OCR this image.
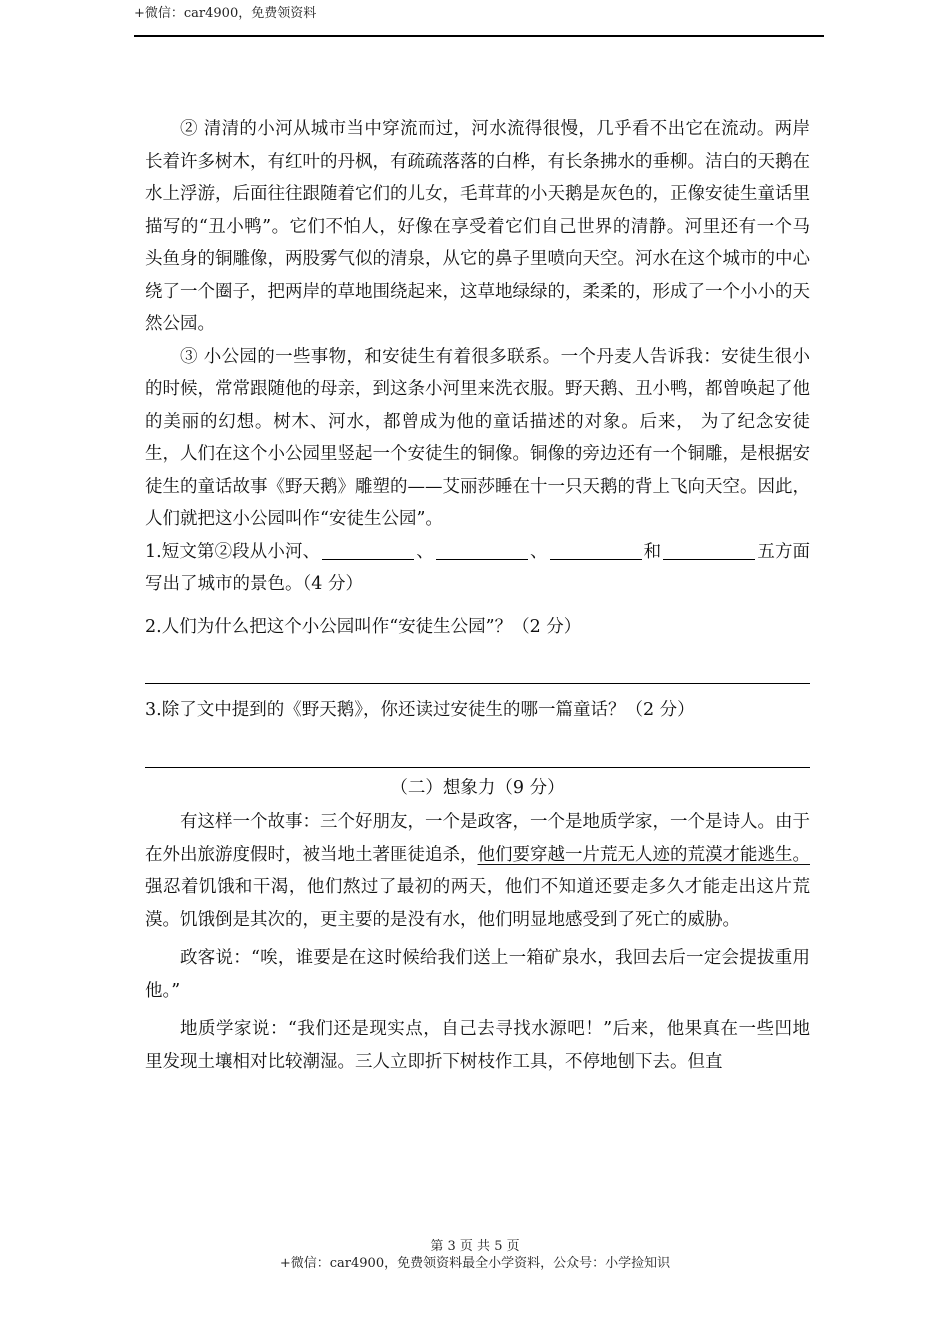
+微信：car4900，免费领资料

② 清清的小河从城市当中穿流而过，河水流得很慢，几乎看不出它在流动。两岸长着许多树木，有红叶的丹枫，有疏疏落落的白桦，有长条拂水的垂柳。洁白的天鹅在水上浮游，后面往往跟随着它们的儿女，毛茸茸的小天鹅是灰色的，正像安徒生童话里描写的“丑小鸭”。它们不怕人，好像在享受着它们自己世界的清静。河里还有一个马头鱼身的铜雕像，两股雾气似的清泉，从它的鼻子里喷向天空。河水在这个城市的中心绕了一个圈子，把两岸的草地围绕起来，这草地绿绿的，柔柔的，形成了一个小小的天然公园。

③ 小公园的一些事物，和安徒生有着很多联系。一个丹麦人告诉我：安徒生很小的时候，常常跟随他的母亲，到这条小河里来洗衣服。野天鹅、丑小鸭，都曾唤起了他的美丽的幻想。树木、河水，都曾成为他的童话描述的对象。后来， 为了纪念安徒生，人们在这个小公园里竖起一个安徒生的铜像。铜像的旁边还有一个铜雕，是根据安徒生的童话故事《野天鹅》雕塑的——艾丽莎睡在十一只天鹅的背上飞向天空。因此，人们就把这小公园叫作“安徒生公园”。

1.短文第②段从小河、	、	、	和	五方面写出了城市的景色。（4 分）

2.人们为什么把这个小公园叫作“安徒生公园”？（2 分）

3.除了文中提到的《野天鹅》，你还读过安徒生的哪一篇童话？（2 分）

（二）想象力（9 分）

有这样一个故事：三个好朋友，一个是政客，一个是地质学家，一个是诗人。由于在外出旅游度假时，被当地土著匪徒追杀，他们要穿越一片荒无人迹的荒漠才能逃生。强忍着饥饿和干渴，他们熬过了最初的两天，他们不知道还要走多久才能走出这片荒漠。饥饿倒是其次的，更主要的是没有水，他们明显地感受到了死亡的威胁。

政客说：“唉，谁要是在这时候给我们送上一箱矿泉水，我回去后一定会提拔重用他。”

地质学家说：“我们还是现实点，自己去寻找水源吧！”后来，他果真在一些凹地里发现土壤相对比较潮湿。三人立即折下树枝作工具，不停地刨下去。但直

第 3 页 共 5 页
+微信：car4900，免费领资料最全小学资料，公众号：小学捡知识
